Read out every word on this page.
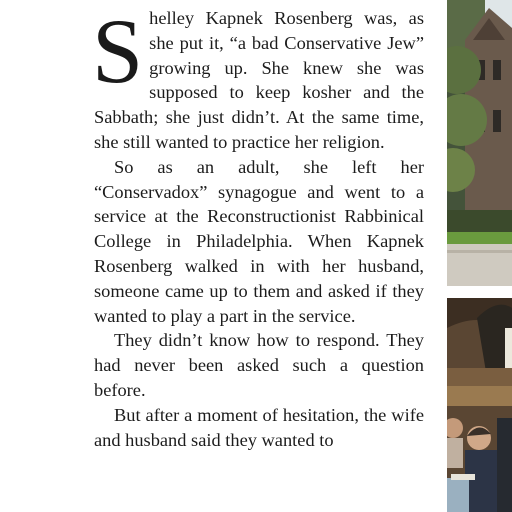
Shelley Kapnek Rosenberg was, as she put it, “a bad Conservative Jew” growing up. She knew she was supposed to keep kosher and the Sabbath; she just didn’t. At the same time, she still wanted to practice her religion.

So as an adult, she left her “Conservadox” synagogue and went to a service at the Reconstructionist Rabbinical College in Philadelphia. When Kapnek Rosenberg walked in with her husband, someone came up to them and asked if they wanted to play a part in the service.

They didn’t know how to respond. They had never been asked such a question before.

But after a moment of hesitation, the wife and husband said they wanted to
